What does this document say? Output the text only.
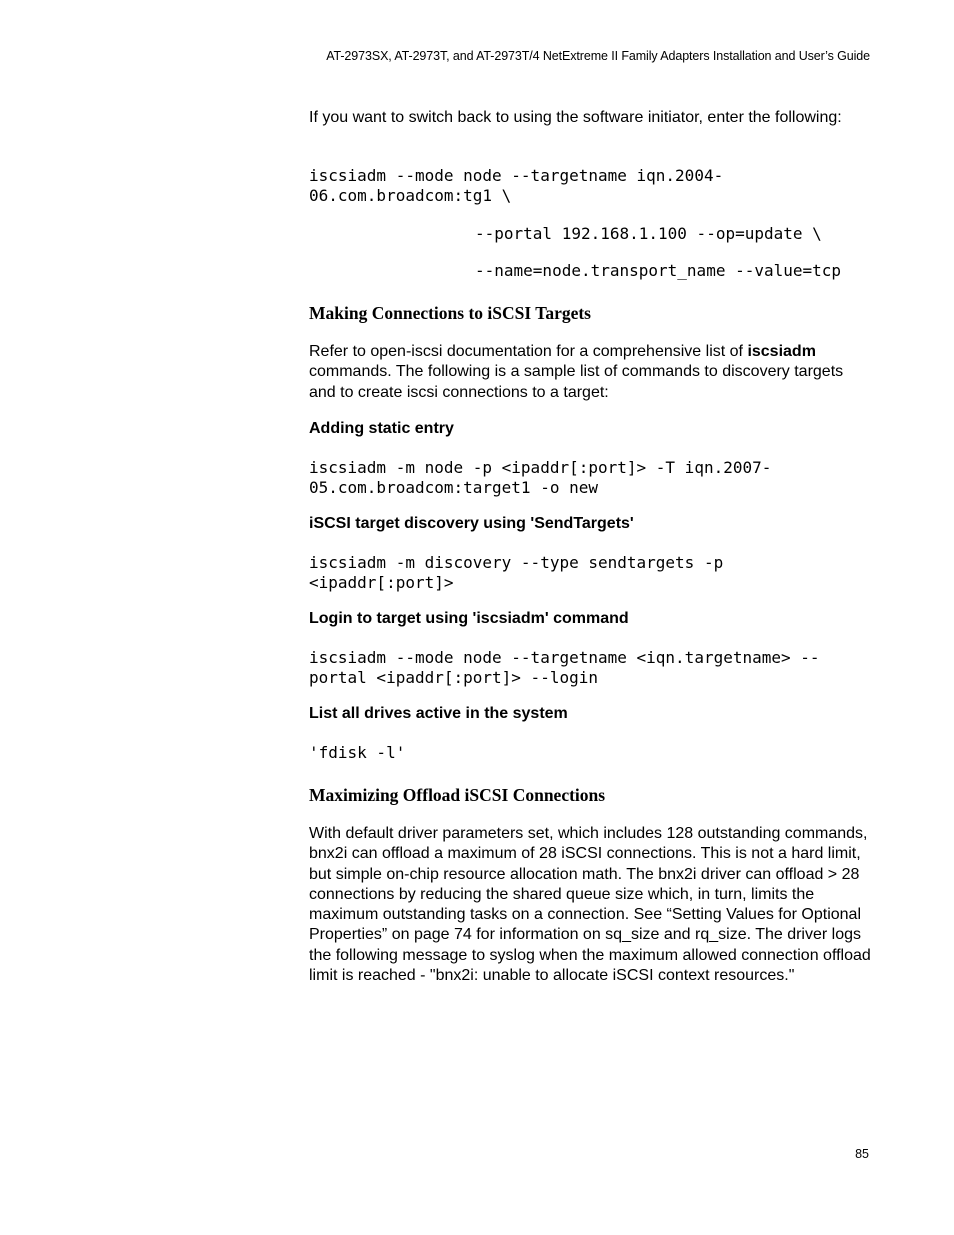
AT-2973SX, AT-2973T, and AT-2973T/4 NetExtreme II Family Adapters Installation and User’s Guide

If you want to switch back to using the software initiator, enter the following:

iscsiadm --mode node --targetname iqn.2004-
06.com.broadcom:tg1 \
--portal 192.168.1.100 --op=update \
--name=node.transport_name --value=tcp
Making Connections to iSCSI Targets

Refer to open-iscsi documentation for a comprehensive list of iscsiadm commands. The following is a sample list of commands to discovery targets and to create iscsi connections to a target:

Adding static entry
iscsiadm -m node -p <ipaddr[:port]> -T iqn.2007-
05.com.broadcom:target1 -o new
iSCSI target discovery using 'SendTargets'
iscsiadm -m discovery --type sendtargets -p
<ipaddr[:port]>
Login to target using 'iscsiadm' command
iscsiadm --mode node --targetname <iqn.targetname> --
portal <ipaddr[:port]> --login
List all drives active in the system
'fdisk -l'
Maximizing Offload iSCSI Connections

With default driver parameters set, which includes 128 outstanding commands, bnx2i can offload a maximum of 28 iSCSI connections. This is not a hard limit, but simple on-chip resource allocation math. The bnx2i driver can offload > 28 connections by reducing the shared queue size which, in turn, limits the maximum outstanding tasks on a connection. See “Setting Values for Optional Properties” on page 74 for information on sq_size and rq_size. The driver logs the following message to syslog when the maximum allowed connection offload limit is reached - "bnx2i: unable to allocate iSCSI context resources."

85
